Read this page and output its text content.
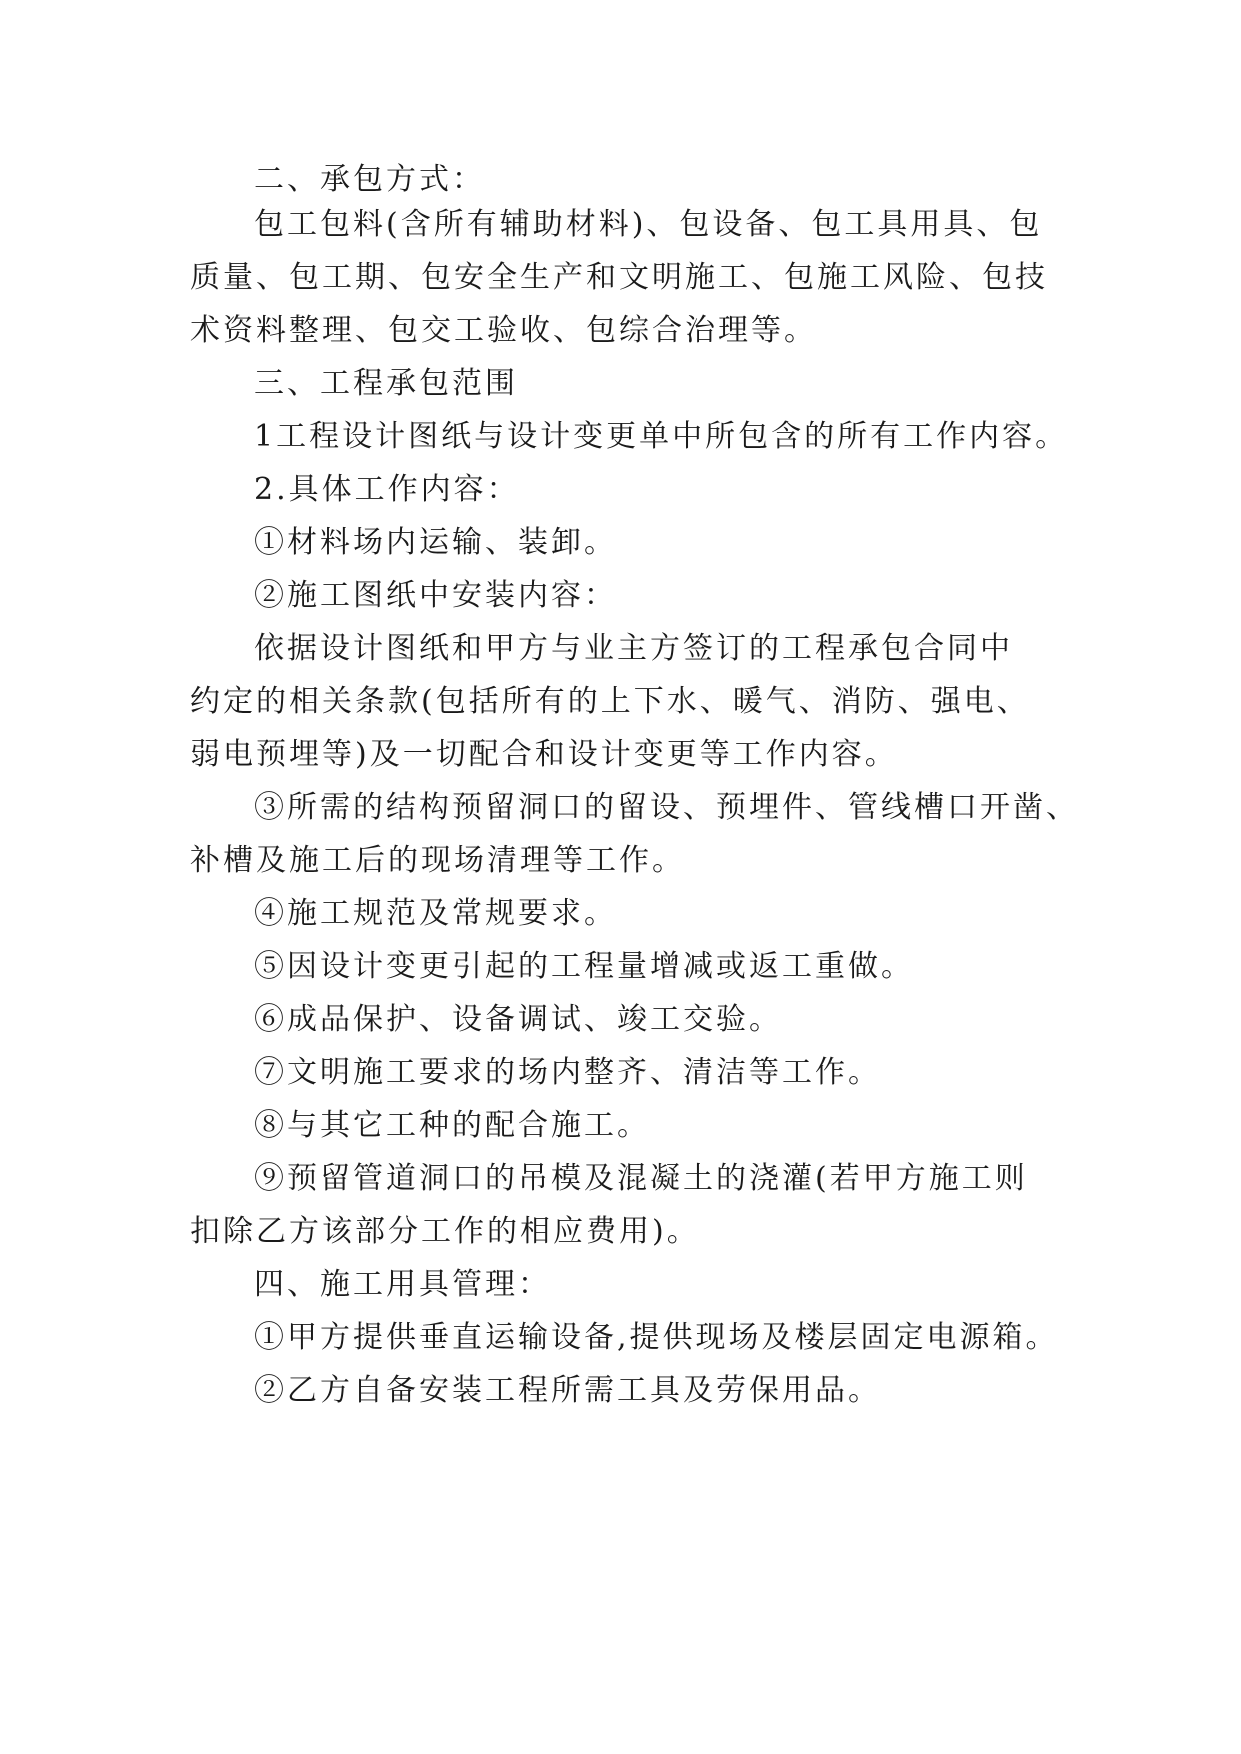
二、承包方式：
包工包料(含所有辅助材料)、包设备、包工具用具、包
质量、包工期、包安全生产和文明施工、包施工风险、包技
术资料整理、包交工验收、包综合治理等。
三、工程承包范围
1工程设计图纸与设计变更单中所包含的所有工作内容。
2.具体工作内容：
①材料场内运输、装卸。
②施工图纸中安装内容：
依据设计图纸和甲方与业主方签订的工程承包合同中
约定的相关条款(包括所有的上下水、暖气、消防、强电、
弱电预埋等)及一切配合和设计变更等工作内容。
③所需的结构预留洞口的留设、预埋件、管线槽口开凿、
补槽及施工后的现场清理等工作。
④施工规范及常规要求。
⑤因设计变更引起的工程量增减或返工重做。
⑥成品保护、设备调试、竣工交验。
⑦文明施工要求的场内整齐、清洁等工作。
⑧与其它工种的配合施工。
⑨预留管道洞口的吊模及混凝土的浇灌(若甲方施工则
扣除乙方该部分工作的相应费用)。
四、施工用具管理：
①甲方提供垂直运输设备,提供现场及楼层固定电源箱。
②乙方自备安装工程所需工具及劳保用品。
